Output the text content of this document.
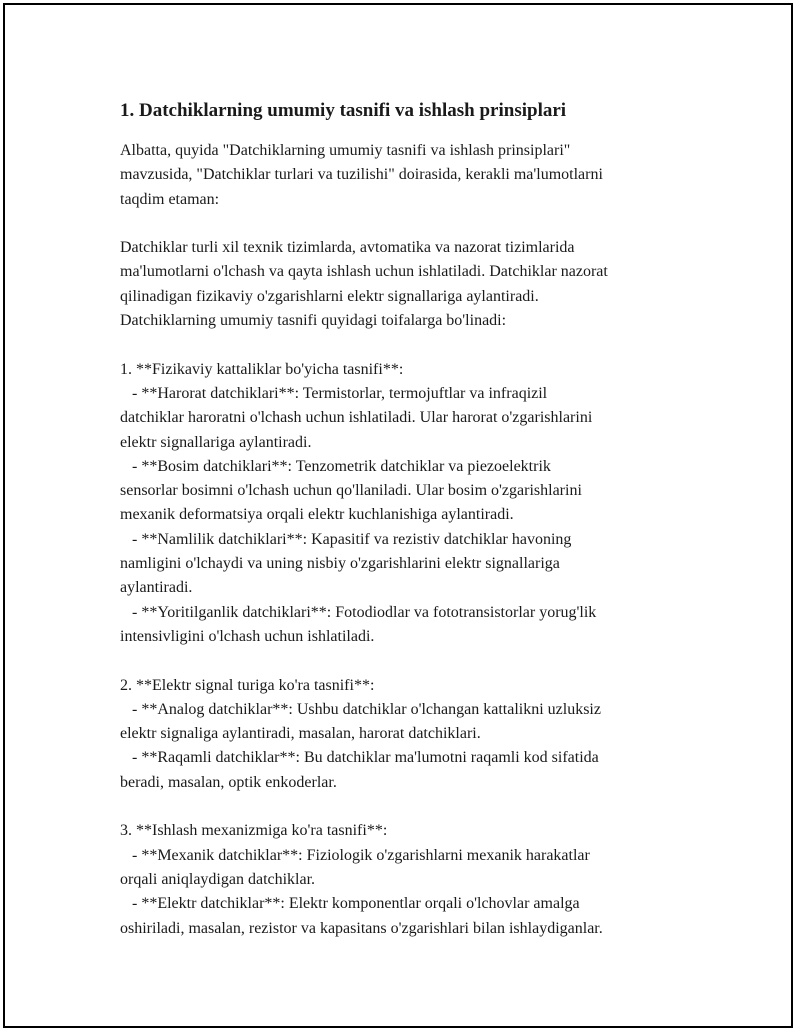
1. Datchiklarning umumiy tasnifi va ishlash prinsiplari
Albatta, quyida "Datchiklarning umumiy tasnifi va ishlash prinsiplari"
mavzusida, "Datchiklar turlari va tuzilishi" doirasida, kerakli ma'lumotlarni
taqdim etaman:
Datchiklar turli xil texnik tizimlarda, avtomatika va nazorat tizimlarida
ma'lumotlarni o'lchash va qayta ishlash uchun ishlatiladi. Datchiklar nazorat
qilinadigan fizikaviy o'zgarishlarni elektr signallariga aylantiradi.
Datchiklarning umumiy tasnifi quyidagi toifalarga bo'linadi:
1. **Fizikaviy kattaliklar bo'yicha tasnifi**:
- **Harorat datchiklari**: Termistorlar, termojuftlar va infraqizil
datchiklar haroratni o'lchash uchun ishlatiladi. Ular harorat o'zgarishlarini
elektr signallariga aylantiradi.
- **Bosim datchiklari**: Tenzometrik datchiklar va piezoelektrik
sensorlar bosimni o'lchash uchun qo'llaniladi. Ular bosim o'zgarishlarini
mexanik deformatsiya orqali elektr kuchlanishiga aylantiradi.
- **Namlilik datchiklari**: Kapasitif va rezistiv datchiklar havoning
namligini o'lchaydi va uning nisbiy o'zgarishlarini elektr signallariga
aylantiradi.
- **Yoritilganlik datchiklari**: Fotodiodlar va fototransistorlar yorug'lik
intensivligini o'lchash uchun ishlatiladi.
2. **Elektr signal turiga ko'ra tasnifi**:
- **Analog datchiklar**: Ushbu datchiklar o'lchangan kattalikni uzluksiz
elektr signaliga aylantiradi, masalan, harorat datchiklari.
- **Raqamli datchiklar**: Bu datchiklar ma'lumotni raqamli kod sifatida
beradi, masalan, optik enkoderlar.
3. **Ishlash mexanizmiga ko'ra tasnifi**:
- **Mexanik datchiklar**: Fiziologik o'zgarishlarni mexanik harakatlar
orqali aniqlaydigan datchiklar.
- **Elektr datchiklar**: Elektr komponentlar orqali o'lchovlar amalga
oshiriladi, masalan, rezistor va kapasitans o'zgarishlari bilan ishlaydiganlar.
